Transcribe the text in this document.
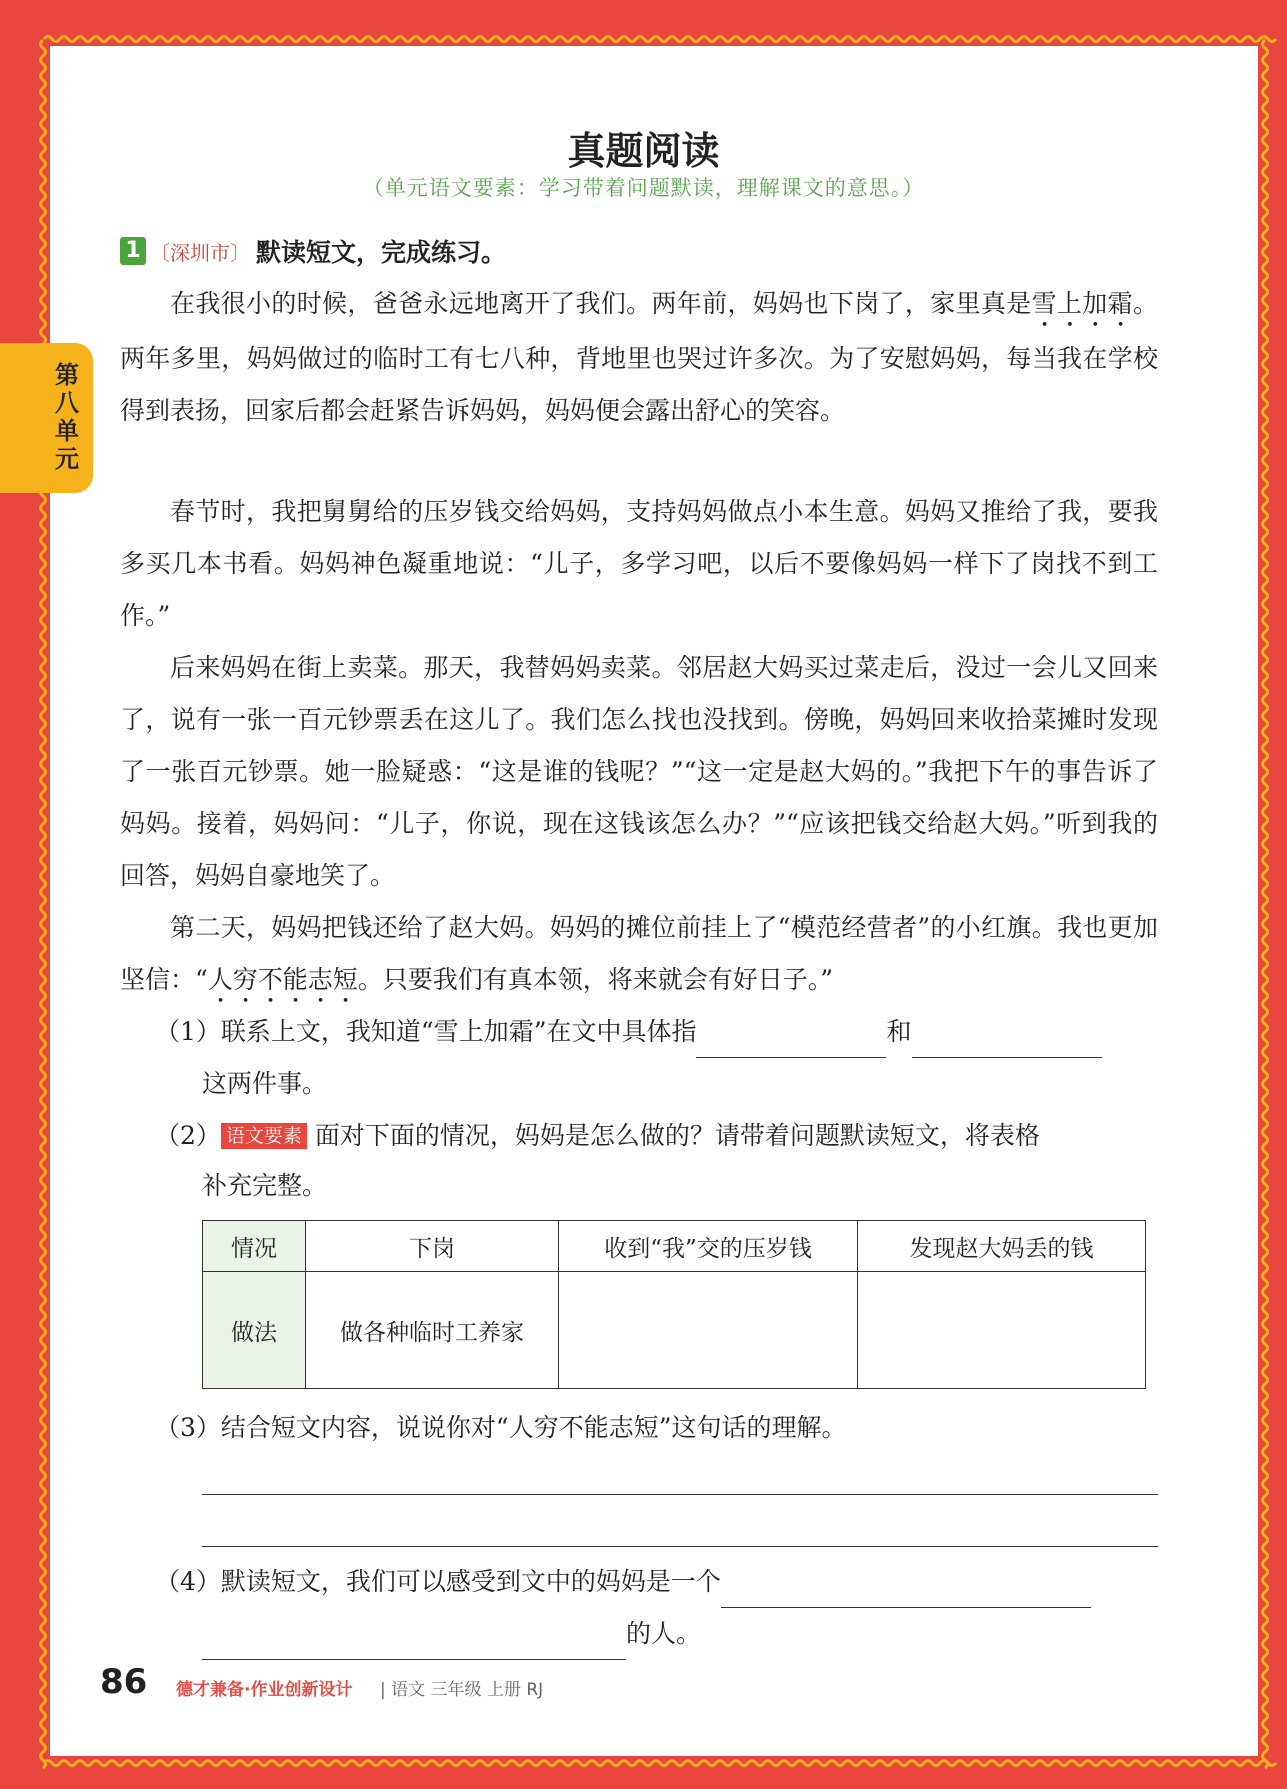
第八单元
真题阅读
（单元语文要素：学习带着问题默读，理解课文的意思。）
1 〔深圳市〕 默读短文，完成练习。

在我很小的时候，爸爸永远地离开了我们。两年前，妈妈也下岗了，家里真是雪上加霜。两年多里，妈妈做过的临时工有七八种，背地里也哭过许多次。为了安慰妈妈，每当我在学校得到表扬，回家后都会赶紧告诉妈妈，妈妈便会露出舒心的笑容。

春节时，我把舅舅给的压岁钱交给妈妈，支持妈妈做点小本生意。妈妈又推给了我，要我多买几本书看。妈妈神色凝重地说：“儿子，多学习吧，以后不要像妈妈一样下了岗找不到工作。”

后来妈妈在街上卖菜。那天，我替妈妈卖菜。邻居赵大妈买过菜走后，没过一会儿又回来了，说有一张一百元钞票丢在这儿了。我们怎么找也没找到。傍晚，妈妈回来收拾菜摊时发现了一张百元钞票。她一脸疑惑：“这是谁的钱呢？”“这一定是赵大妈的。”我把下午的事告诉了妈妈。接着，妈妈问：“儿子，你说，现在这钱该怎么办？”“应该把钱交给赵大妈。”听到我的回答，妈妈自豪地笑了。

第二天，妈妈把钱还给了赵大妈。妈妈的摊位前挂上了“模范经营者”的小红旗。我也更加坚信：“人穷不能志短。只要我们有真本领，将来就会有好日子。”

（1）联系上文，我知道“雪上加霜”在文中具体指	和
这两件事。
（2） 语文要素 面对下面的情况，妈妈是怎么做的？请带着问题默读短文，将表格
补充完整。
情况	下岗	收到“我”交的压岁钱	发现赵大妈丢的钱
做法	做各种临时工养家		
（3）结合短文内容，说说你对“人穷不能志短”这句话的理解。
（4）默读短文，我们可以感受到文中的妈妈是一个
的人。
86 德才兼备·作业创新设计 | 语文 三年级 上册 RJ
